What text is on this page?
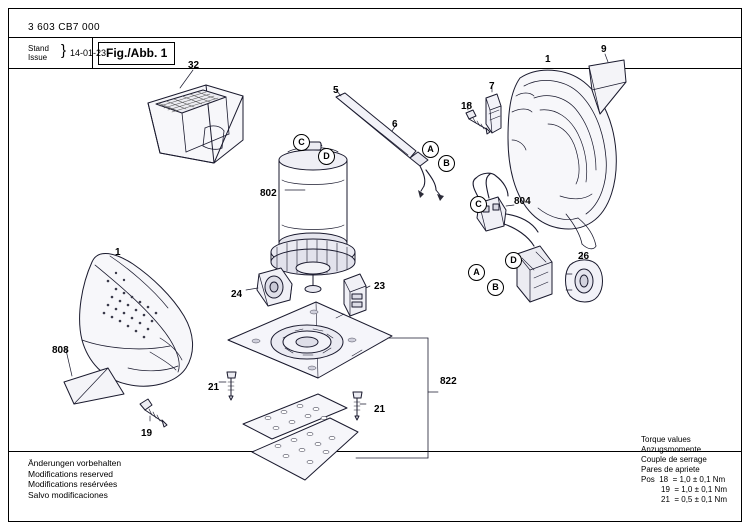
3 603 CB7 000
Stand
Issue } 14-01-23 Fig./Abb. 1
32
5
6
18
7
1
9
802
804
26
1
24
23
808
21
21
822
19
C
D
A
B
C
D
A
B
Änderungen vorbehalten
Modifications reserved
Modifications resérvées
Salvo modificaciones
Torque values
Anzugsmomente
Couple de serrage
Pares de apriete
Pos  18  = 1,0 ± 0,1 Nm
19  = 1,0 ± 0,1 Nm
21  = 0,5 ± 0,1 Nm
